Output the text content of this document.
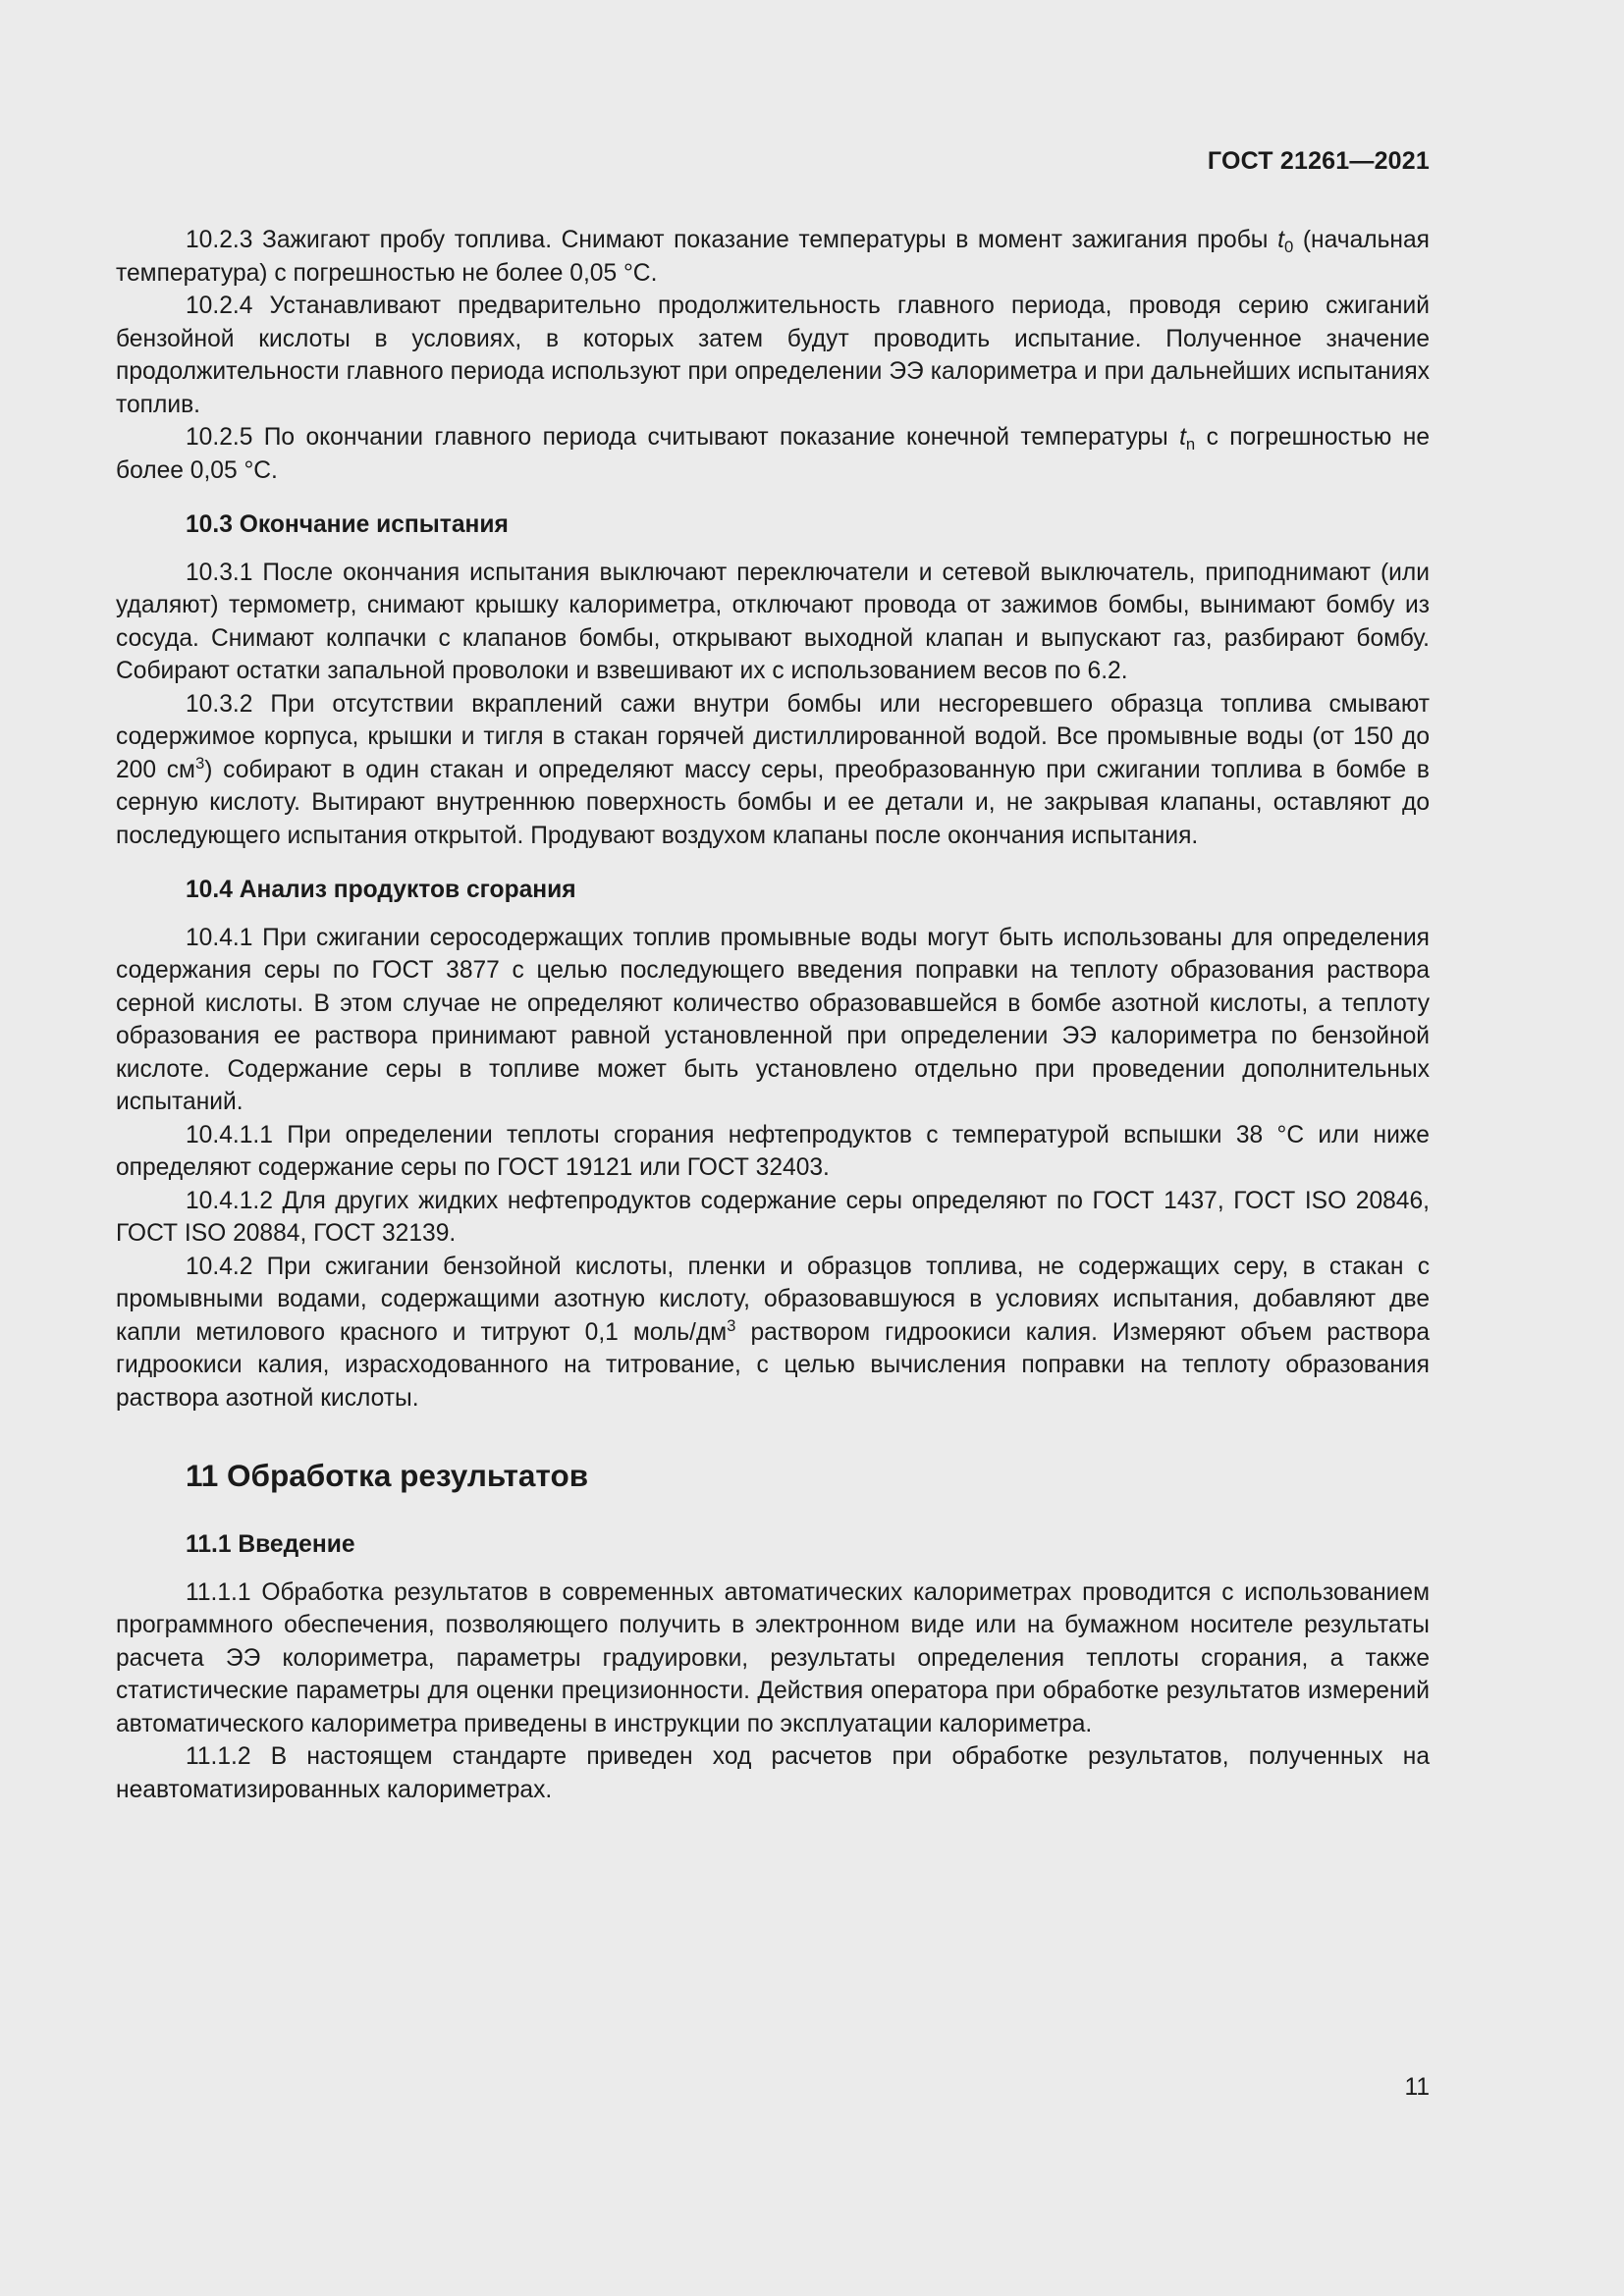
ГОСТ 21261—2021

10.2.3 Зажигают пробу топлива. Снимают показание температуры в момент зажигания пробы $t_0$ (начальная температура) с погрешностью не более 0,05 °С.

10.2.4 Устанавливают предварительно продолжительность главного периода, проводя серию сжиганий бензойной кислоты в условиях, в которых затем будут проводить испытание. Полученное значение продолжительности главного периода используют при определении ЭЭ калориметра и при дальнейших испытаниях топлив.

10.2.5 По окончании главного периода считывают показание конечной температуры $t_n$ с погрешностью не более 0,05 °С.

10.3 Окончание испытания

10.3.1 После окончания испытания выключают переключатели и сетевой выключатель, приподнимают (или удаляют) термометр, снимают крышку калориметра, отключают провода от зажимов бомбы, вынимают бомбу из сосуда. Снимают колпачки с клапанов бомбы, открывают выходной клапан и выпускают газ, разбирают бомбу. Собирают остатки запальной проволоки и взвешивают их с использованием весов по 6.2.

10.3.2 При отсутствии вкраплений сажи внутри бомбы или несгоревшего образца топлива смывают содержимое корпуса, крышки и тигля в стакан горячей дистиллированной водой. Все промывные воды (от 150 до 200 $см^3$) собирают в один стакан и определяют массу серы, преобразованную при сжигании топлива в бомбе в серную кислоту. Вытирают внутреннюю поверхность бомбы и ее детали и, не закрывая клапаны, оставляют до последующего испытания открытой. Продувают воздухом клапаны после окончания испытания.

10.4 Анализ продуктов сгорания

10.4.1 При сжигании серосодержащих топлив промывные воды могут быть использованы для определения содержания серы по ГОСТ 3877 с целью последующего введения поправки на теплоту образования раствора серной кислоты. В этом случае не определяют количество образовавшейся в бомбе азотной кислоты, а теплоту образования ее раствора принимают равной установленной при определении ЭЭ калориметра по бензойной кислоте. Содержание серы в топливе может быть установлено отдельно при проведении дополнительных испытаний.

10.4.1.1 При определении теплоты сгорания нефтепродуктов с температурой вспышки 38 °С или ниже определяют содержание серы по ГОСТ 19121 или ГОСТ 32403.

10.4.1.2 Для других жидких нефтепродуктов содержание серы определяют по ГОСТ 1437, ГОСТ ISO 20846, ГОСТ ISO 20884, ГОСТ 32139.

10.4.2 При сжигании бензойной кислоты, пленки и образцов топлива, не содержащих серу, в стакан с промывными водами, содержащими азотную кислоту, образовавшуюся в условиях испытания, добавляют две капли метилового красного и титруют 0,1 моль/$дм^3$ раствором гидроокиси калия. Измеряют объем раствора гидроокиси калия, израсходованного на титрование, с целью вычисления поправки на теплоту образования раствора азотной кислоты.

11 Обработка результатов
11.1 Введение

11.1.1 Обработка результатов в современных автоматических калориметрах проводится с использованием программного обеспечения, позволяющего получить в электронном виде или на бумажном носителе результаты расчета ЭЭ колориметра, параметры градуировки, результаты определения теплоты сгорания, а также статистические параметры для оценки прецизионности. Действия оператора при обработке результатов измерений автоматического калориметра приведены в инструкции по эксплуатации калориметра.

11.1.2 В настоящем стандарте приведен ход расчетов при обработке результатов, полученных на неавтоматизированных калориметрах.

11
